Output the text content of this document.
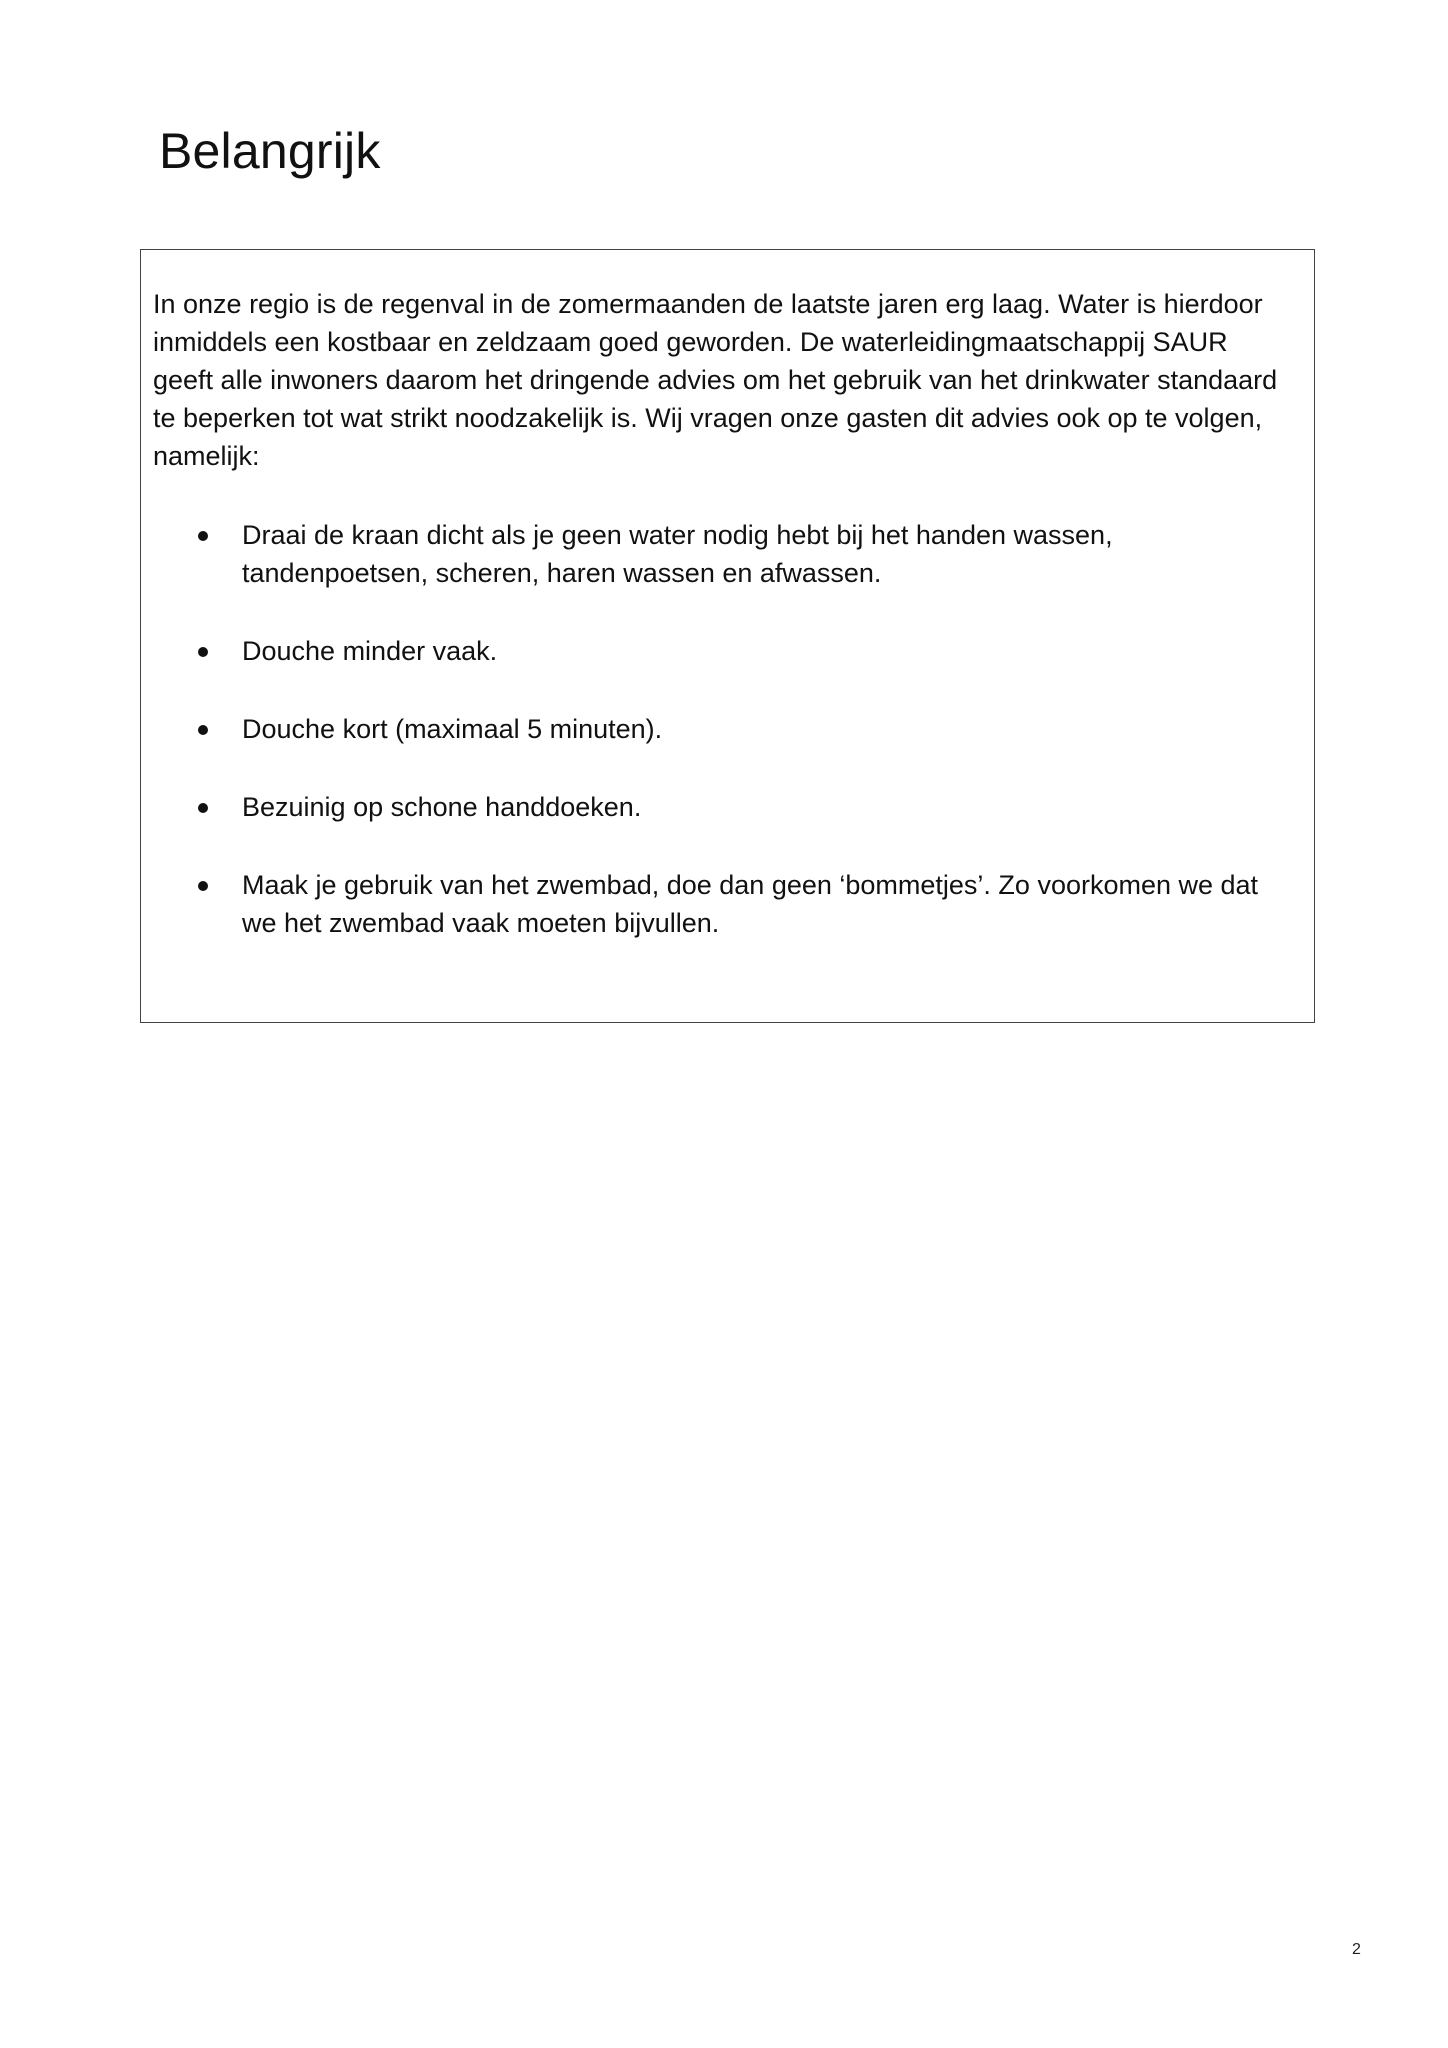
Belangrijk

In onze regio is de regenval in de zomermaanden de laatste jaren erg laag. Water is hierdoor
inmiddels een kostbaar en zeldzaam goed geworden. De waterleidingmaatschappij SAUR
geeft alle inwoners daarom het dringende advies om het gebruik van het drinkwater standaard
te beperken tot wat strikt noodzakelijk is. Wij vragen onze gasten dit advies ook op te volgen,
namelijk:

Draai de kraan dicht als je geen water nodig hebt bij het handen wassen,
tandenpoetsen, scheren, haren wassen en afwassen.
Douche minder vaak.
Douche kort (maximaal 5 minuten).
Bezuinig op schone handdoeken.
Maak je gebruik van het zwembad, doe dan geen ‘bommetjes’. Zo voorkomen we dat
we het zwembad vaak moeten bijvullen.
2
